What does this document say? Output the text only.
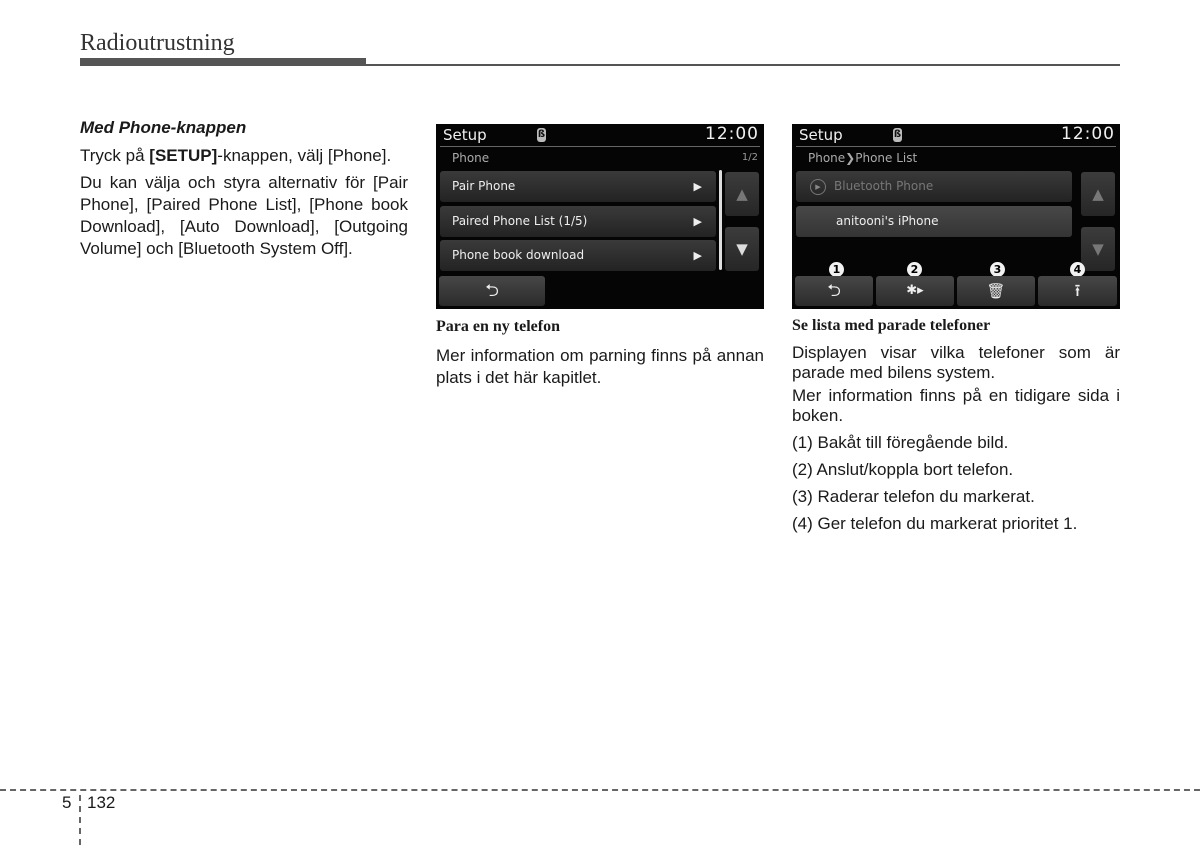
Radioutrustning
Med Phone-knappen

Tryck på [SETUP]-knappen, välj [Phone].

Du kan välja och styra alternativ för [Pair Phone], [Paired Phone List], [Phone book Download], [Auto Download], [Outgoing Volume] och [Bluetooth System Off].

Setup	ß	12:00
Phone	1/2
Pair Phone	▶
Paired Phone List (1/5)	▶
Phone book download	▶
▲
▼
⮌
Setup	ß	12:00
Phone❯Phone List
▶ Bluetooth Phone
anitooni's iPhone
▲
▼
1	2	3	4
⮌	✱▸	🗑	⭱
Para en ny telefon

Mer information om parning finns på annan plats i det här kapitlet.

Se lista med parade telefoner

Displayen visar vilka telefoner som är parade med bilens system.

Mer information finns på en tidigare sida i boken.

(1) Bakåt till föregående bild.

(2) Anslut/koppla bort telefon.

(3) Raderar telefon du markerat.

(4) Ger telefon du markerat prioritet 1.

5 132
